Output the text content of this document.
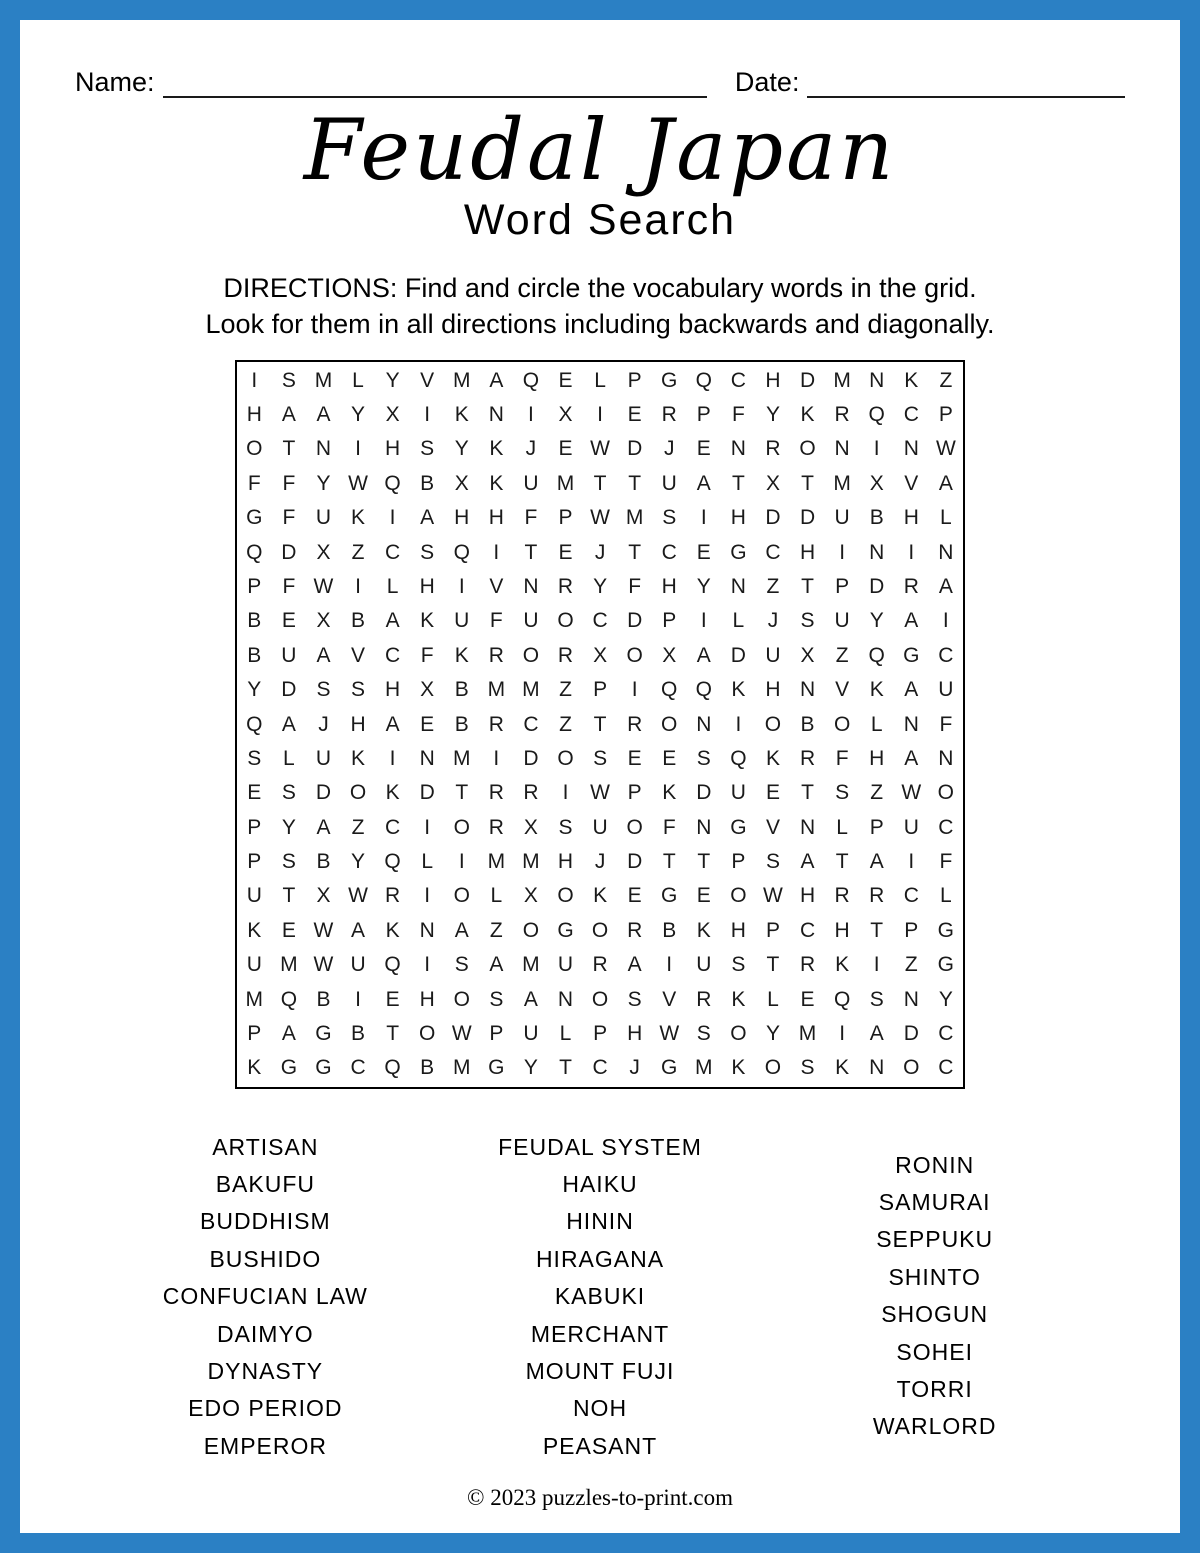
Name:	Date:
Feudal Japan
Word Search
DIRECTIONS: Find and circle the vocabulary words in the grid.
Look for them in all directions including backwards and diagonally.
I	S M L	Y V M A Q E	L	P G Q C H D M N K	Z
H A A Y X	I	K N	I	X	I	E R P	F	Y K R Q C P
O T N	I	H S Y K	J	E W D	J	E N R O N	I	N W
F	F	Y W Q B X K U M T	T U A	T	X	T M X V A
G F U K	I	A H H F	P W M S	I	H D D U B H	L
Q D X	Z C S Q	I	T	E	J	T C E G C H	I	N	I	N
P	F W	I	L	H	I	V N R Y	F H Y N Z	T	P D R A
B E X B A K U F U O C D P	I	L	J	S U Y A	I
B U A V C F	K R O R X O X A D U X	Z Q G C
Y D S S H X B M M Z	P	I	Q Q K H N V K A U
Q A	J	H A E B R C Z	T R O N	I	O B O L	N F
S	L	U K	I	N M	I	D O S E E S Q K R F H A N
E S D O K D T R R	I	W P K D U E	T	S	Z W O
P Y A	Z C	I	O R X S U O F N G V N	L	P U C
P S B Y Q L	I	M M H	J	D T	T	P S A	T	A	I	F
U T	X W R	I	O L	X O K E G E O W H R R C	L
K E W A K N A	Z O G O R B K H P C H T	P G
U M W U Q	I	S A M U R A	I	U S	T R K	I	Z G
M Q B	I	E H O S A N O S V R K	L	E Q S N Y
P A G B	T O W P U	L	P H W S O Y M	I	A D C
K G G C Q B M G Y	T C	J	G M K O S K N O C
ARTISAN
BAKUFU
BUDDHISM
BUSHIDO
CONFUCIAN LAW
DAIMYO
DYNASTY
EDO PERIOD
EMPEROR
FEUDAL SYSTEM
HAIKU
HININ
HIRAGANA
KABUKI
MERCHANT
MOUNT FUJI
NOH
PEASANT
RONIN
SAMURAI
SEPPUKU
SHINTO
SHOGUN
SOHEI
TORRI
WARLORD
© 2023 puzzles-to-print.com
